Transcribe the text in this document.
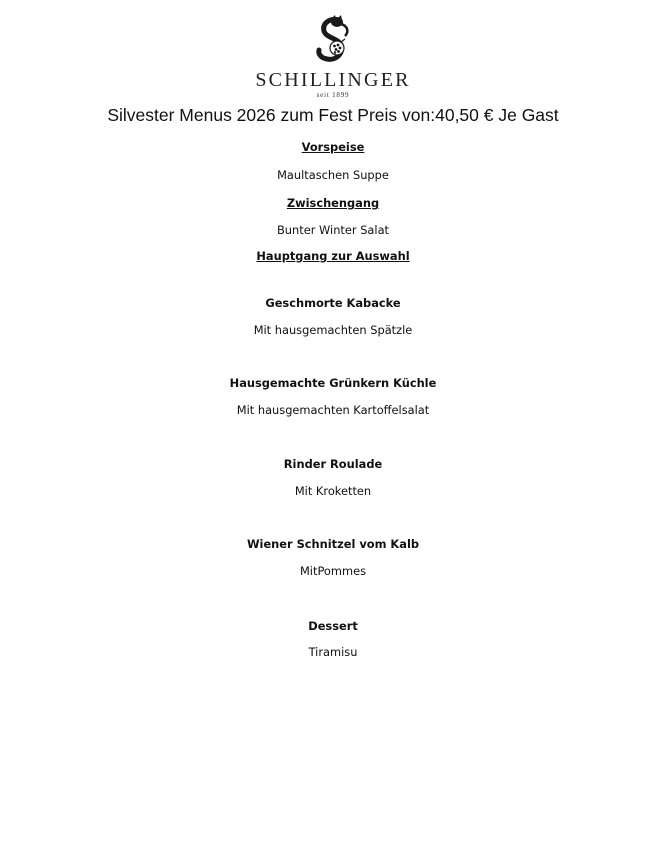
SCHILLINGER
seit 1899
Silvester Menus 2026 zum Fest Preis von:40,50 € Je Gast
Vorspeise
Maultaschen Suppe
Zwischengang
Bunter Winter Salat
Hauptgang zur Auswahl
Geschmorte Kabacke
Mit hausgemachten Spätzle
Hausgemachte Grünkern Küchle
Mit hausgemachten Kartoffelsalat
Rinder Roulade
Mit Kroketten
Wiener Schnitzel vom Kalb
MitPommes
Dessert
Tiramisu
